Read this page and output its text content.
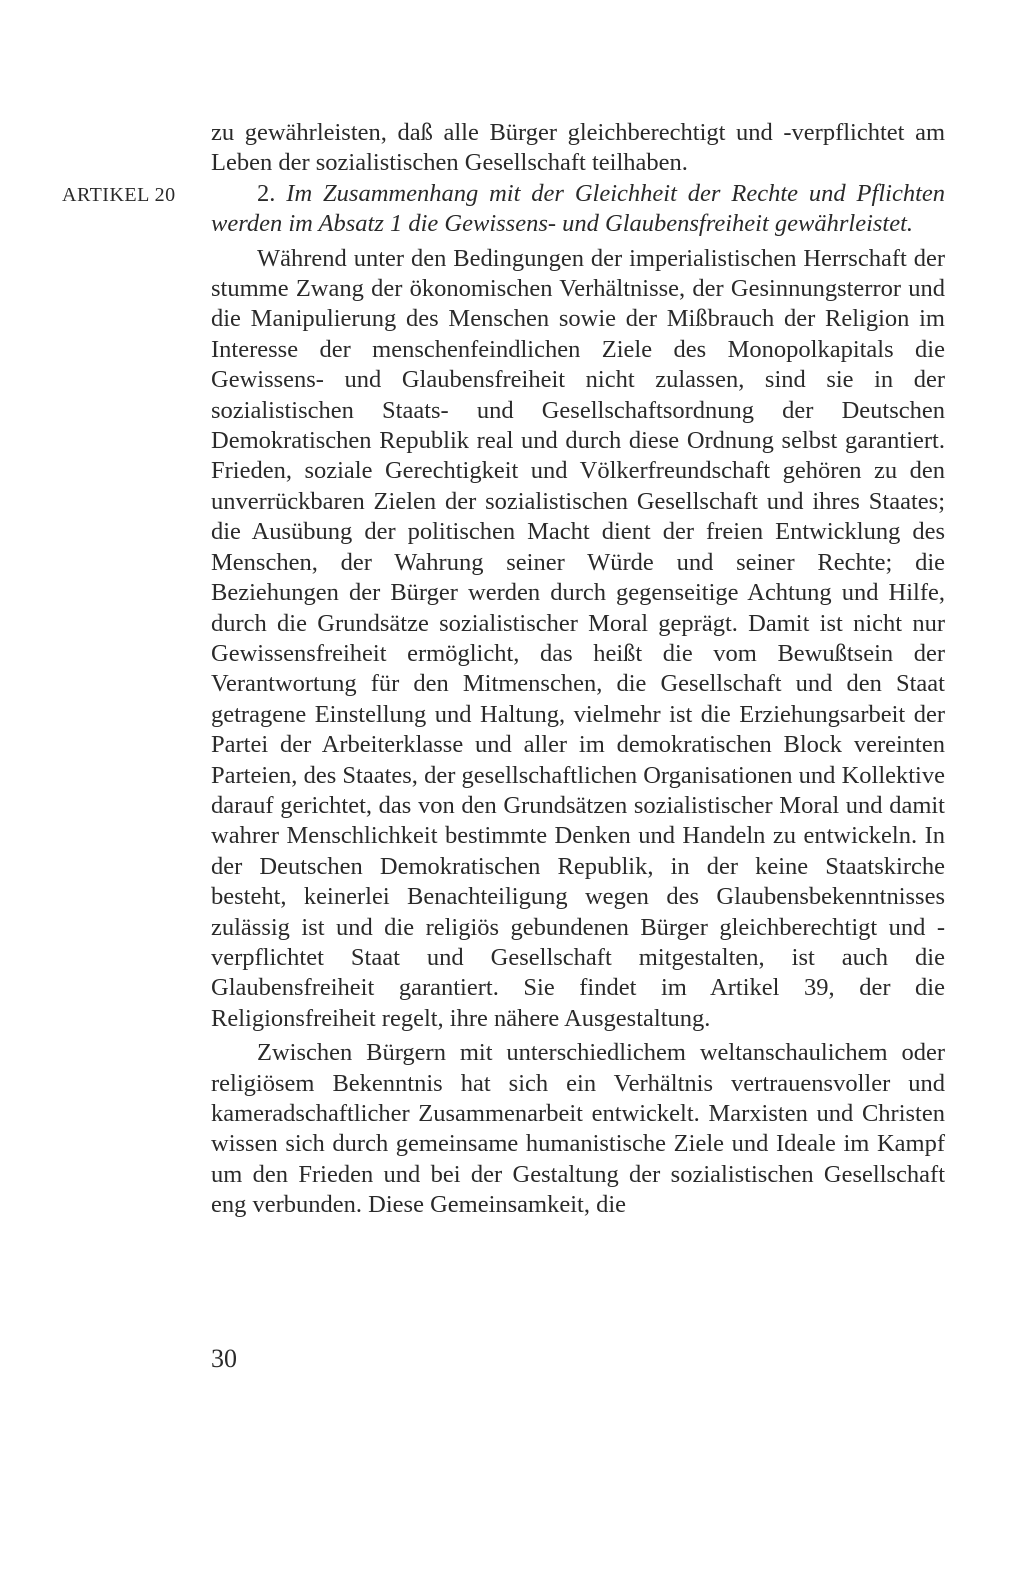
ARTIKEL 20

zu gewährleisten, daß alle Bürger gleichberechtigt und -verpflichtet am Leben der sozialistischen Gesellschaft teilhaben.

2. Im Zusammenhang mit der Gleichheit der Rechte und Pflichten werden im Absatz 1 die Gewissens- und Glaubensfreiheit gewährleistet.

Während unter den Bedingungen der imperialistischen Herrschaft der stumme Zwang der ökonomischen Verhältnisse, der Gesinnungsterror und die Manipulierung des Menschen sowie der Mißbrauch der Religion im Interesse der menschenfeindlichen Ziele des Monopolkapitals die Gewissens- und Glaubensfreiheit nicht zulassen, sind sie in der sozialistischen Staats- und Gesellschaftsordnung der Deutschen Demokratischen Republik real und durch diese Ordnung selbst garantiert. Frieden, soziale Gerechtigkeit und Völkerfreundschaft gehören zu den unverrückbaren Zielen der sozialistischen Gesellschaft und ihres Staates; die Ausübung der politischen Macht dient der freien Entwicklung des Menschen, der Wahrung seiner Würde und seiner Rechte; die Beziehungen der Bürger werden durch gegenseitige Achtung und Hilfe, durch die Grundsätze sozialistischer Moral geprägt. Damit ist nicht nur Gewissensfreiheit ermöglicht, das heißt die vom Bewußtsein der Verantwortung für den Mitmenschen, die Gesellschaft und den Staat getragene Einstellung und Haltung, vielmehr ist die Erziehungsarbeit der Partei der Arbeiterklasse und aller im demokratischen Block vereinten Parteien, des Staates, der gesellschaftlichen Organisationen und Kollektive darauf gerichtet, das von den Grundsätzen sozialistischer Moral und damit wahrer Menschlichkeit bestimmte Denken und Handeln zu entwickeln. In der Deutschen Demokratischen Republik, in der keine Staatskirche besteht, keinerlei Benachteiligung wegen des Glaubensbekenntnisses zulässig ist und die religiös gebundenen Bürger gleichberechtigt und -verpflichtet Staat und Gesellschaft mitgestalten, ist auch die Glaubensfreiheit garantiert. Sie findet im Artikel 39, der die Religionsfreiheit regelt, ihre nähere Ausgestaltung.

Zwischen Bürgern mit unterschiedlichem weltanschaulichem oder religiösem Bekenntnis hat sich ein Verhältnis vertrauensvoller und kameradschaftlicher Zusammenarbeit entwickelt. Marxisten und Christen wissen sich durch gemeinsame humanistische Ziele und Ideale im Kampf um den Frieden und bei der Gestaltung der sozialistischen Gesellschaft eng verbunden. Diese Gemeinsamkeit, die

30
